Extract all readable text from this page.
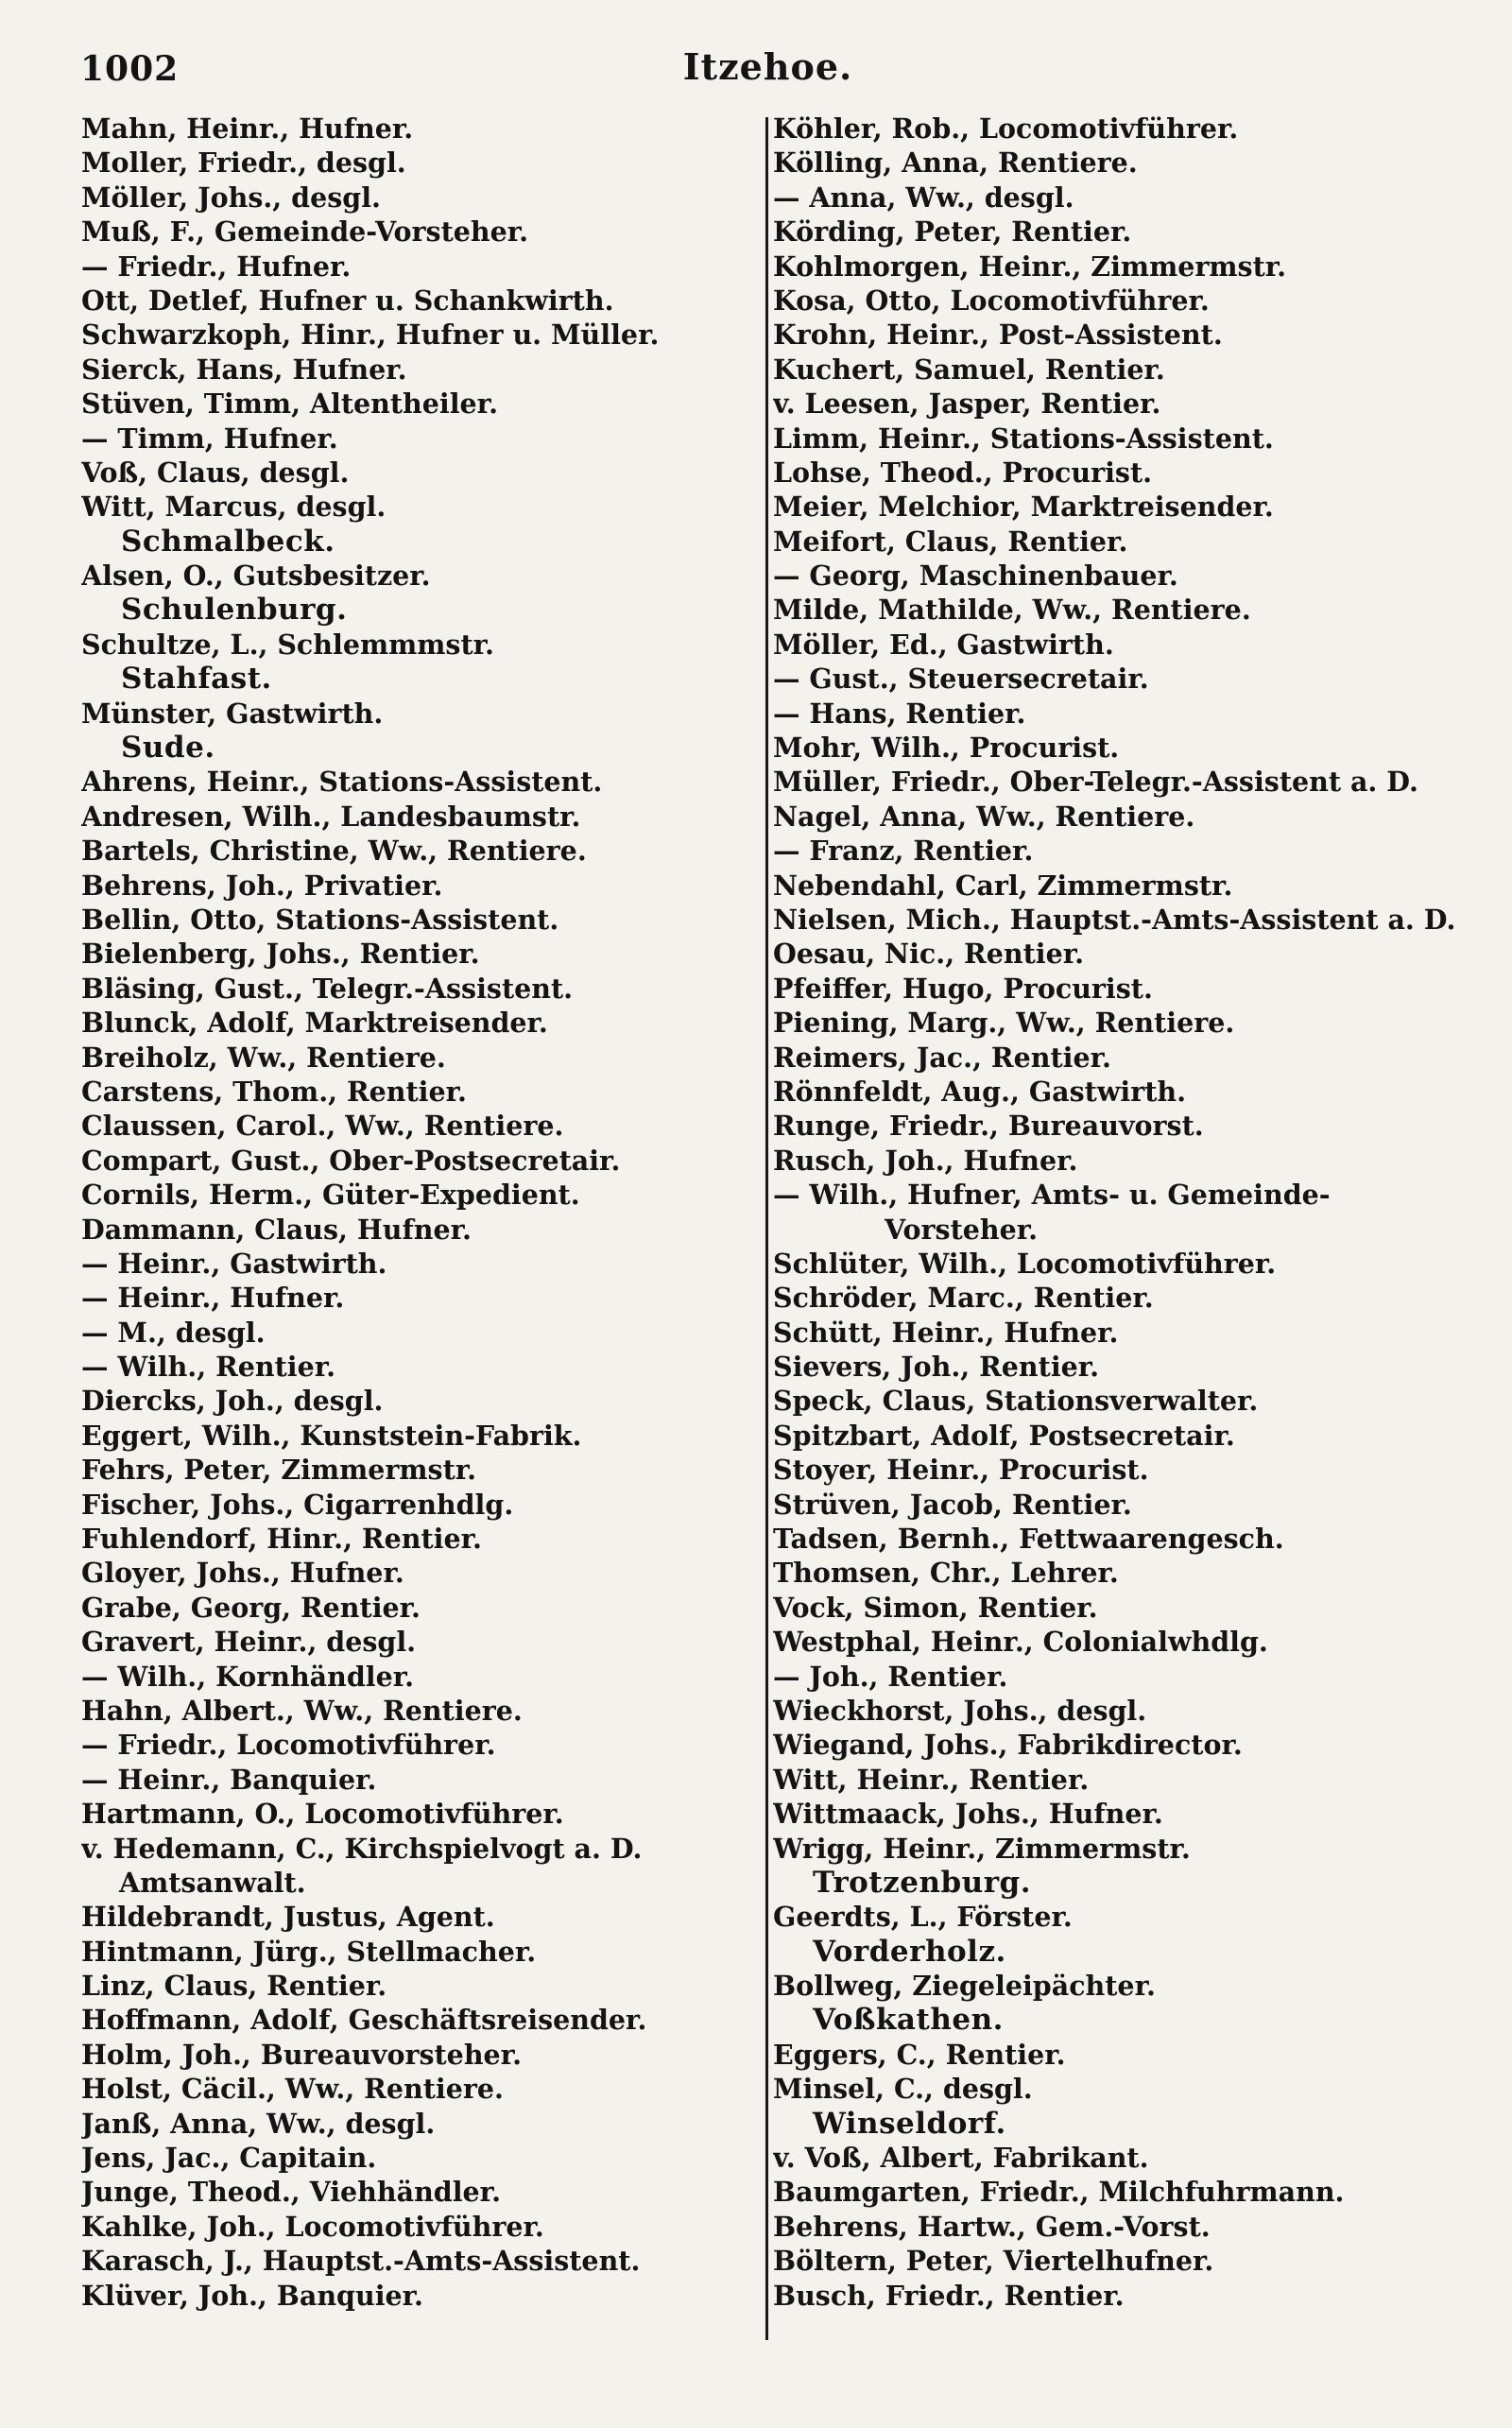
1002	Itzehoe.
Mahn, Heinr., Hufner.
Moller, Friedr., desgl.
Möller, Johs., desgl.
Muß, F., Gemeinde-Vorsteher.
— Friedr., Hufner.
Ott, Detlef, Hufner u. Schankwirth.
Schwarzkoph, Hinr., Hufner u. Müller.
Sierck, Hans, Hufner.
Stüven, Timm, Altentheiler.
— Timm, Hufner.
Voß, Claus, desgl.
Witt, Marcus, desgl.
Schmalbeck.
Alsen, O., Gutsbesitzer.
Schulenburg.
Schultze, L., Schlemmmstr.
Stahfast.
Münster, Gastwirth.
Sude.
Ahrens, Heinr., Stations-Assistent.
Andresen, Wilh., Landesbaumstr.
Bartels, Christine, Ww., Rentiere.
Behrens, Joh., Privatier.
Bellin, Otto, Stations-Assistent.
Bielenberg, Johs., Rentier.
Bläsing, Gust., Telegr.-Assistent.
Blunck, Adolf, Marktreisender.
Breiholz, Ww., Rentiere.
Carstens, Thom., Rentier.
Claussen, Carol., Ww., Rentiere.
Compart, Gust., Ober-Postsecretair.
Cornils, Herm., Güter-Expedient.
Dammann, Claus, Hufner.
— Heinr., Gastwirth.
— Heinr., Hufner.
— M., desgl.
— Wilh., Rentier.
Diercks, Joh., desgl.
Eggert, Wilh., Kunststein-Fabrik.
Fehrs, Peter, Zimmermstr.
Fischer, Johs., Cigarrenhdlg.
Fuhlendorf, Hinr., Rentier.
Gloyer, Johs., Hufner.
Grabe, Georg, Rentier.
Gravert, Heinr., desgl.
— Wilh., Kornhändler.
Hahn, Albert., Ww., Rentiere.
— Friedr., Locomotivführer.
— Heinr., Banquier.
Hartmann, O., Locomotivführer.
v. Hedemann, C., Kirchspielvogt a. D.
Amtsanwalt.
Hildebrandt, Justus, Agent.
Hintmann, Jürg., Stellmacher.
Linz, Claus, Rentier.
Hoffmann, Adolf, Geschäftsreisender.
Holm, Joh., Bureauvorsteher.
Holst, Cäcil., Ww., Rentiere.
Janß, Anna, Ww., desgl.
Jens, Jac., Capitain.
Junge, Theod., Viehhändler.
Kahlke, Joh., Locomotivführer.
Karasch, J., Hauptst.-Amts-Assistent.
Klüver, Joh., Banquier.
Köhler, Rob., Locomotivführer.
Kölling, Anna, Rentiere.
— Anna, Ww., desgl.
Körding, Peter, Rentier.
Kohlmorgen, Heinr., Zimmermstr.
Kosa, Otto, Locomotivführer.
Krohn, Heinr., Post-Assistent.
Kuchert, Samuel, Rentier.
v. Leesen, Jasper, Rentier.
Limm, Heinr., Stations-Assistent.
Lohse, Theod., Procurist.
Meier, Melchior, Marktreisender.
Meifort, Claus, Rentier.
— Georg, Maschinenbauer.
Milde, Mathilde, Ww., Rentiere.
Möller, Ed., Gastwirth.
— Gust., Steuersecretair.
— Hans, Rentier.
Mohr, Wilh., Procurist.
Müller, Friedr., Ober-Telegr.-Assistent a. D.
Nagel, Anna, Ww., Rentiere.
— Franz, Rentier.
Nebendahl, Carl, Zimmermstr.
Nielsen, Mich., Hauptst.-Amts-Assistent a. D.
Oesau, Nic., Rentier.
Pfeiffer, Hugo, Procurist.
Piening, Marg., Ww., Rentiere.
Reimers, Jac., Rentier.
Rönnfeldt, Aug., Gastwirth.
Runge, Friedr., Bureauvorst.
Rusch, Joh., Hufner.
— Wilh., Hufner, Amts- u. Gemeinde-
Vorsteher.
Schlüter, Wilh., Locomotivführer.
Schröder, Marc., Rentier.
Schütt, Heinr., Hufner.
Sievers, Joh., Rentier.
Speck, Claus, Stationsverwalter.
Spitzbart, Adolf, Postsecretair.
Stoyer, Heinr., Procurist.
Strüven, Jacob, Rentier.
Tadsen, Bernh., Fettwaarengesch.
Thomsen, Chr., Lehrer.
Vock, Simon, Rentier.
Westphal, Heinr., Colonialwhdlg.
— Joh., Rentier.
Wieckhorst, Johs., desgl.
Wiegand, Johs., Fabrikdirector.
Witt, Heinr., Rentier.
Wittmaack, Johs., Hufner.
Wrigg, Heinr., Zimmermstr.
Trotzenburg.
Geerdts, L., Förster.
Vorderholz.
Bollweg, Ziegeleipächter.
Voßkathen.
Eggers, C., Rentier.
Minsel, C., desgl.
Winseldorf.
v. Voß, Albert, Fabrikant.
Baumgarten, Friedr., Milchfuhrmann.
Behrens, Hartw., Gem.-Vorst.
Böltern, Peter, Viertelhufner.
Busch, Friedr., Rentier.
